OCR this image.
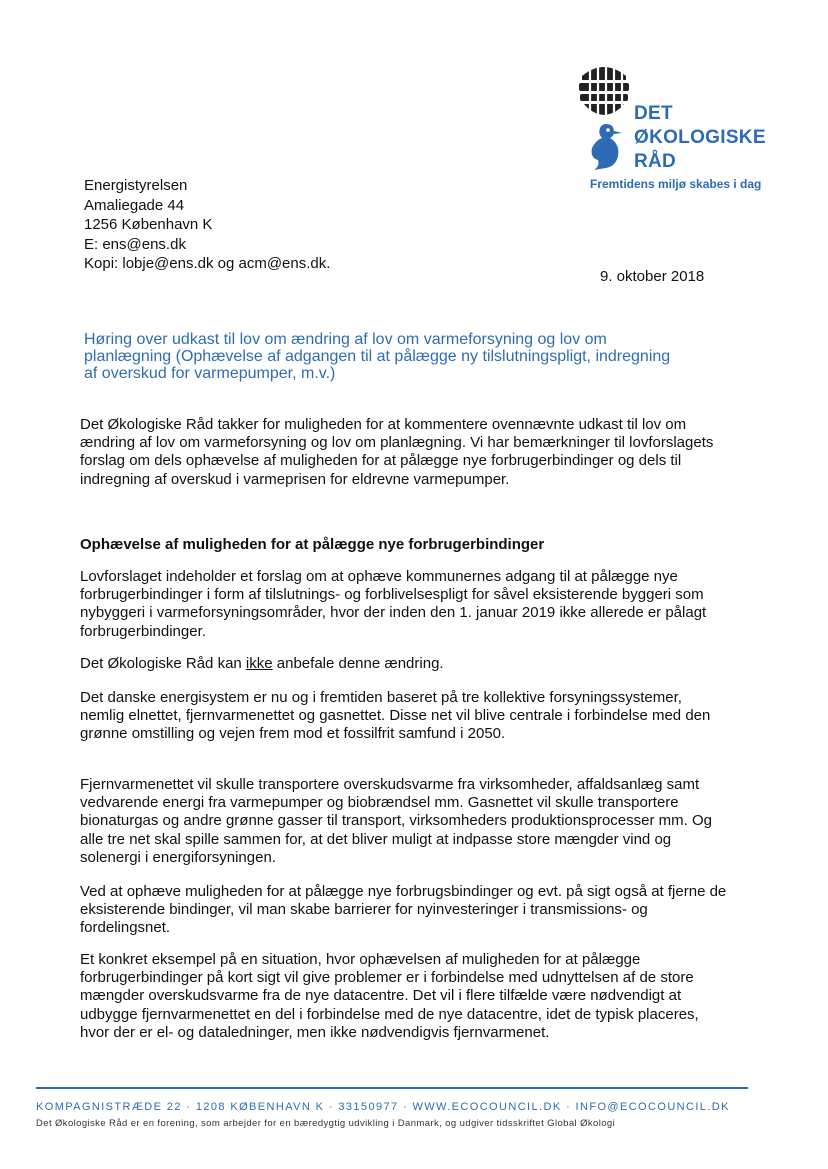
DET
ØKOLOGISKE
RÅD
Fremtidens miljø skabes i dag
Energistyrelsen
Amaliegade 44
1256 København K
E: ens@ens.dk
Kopi: lobje@ens.dk og acm@ens.dk.
9. oktober 2018
Høring over udkast til lov om ændring af lov om varmeforsyning og lov om planlægning (Ophævelse af adgangen til at pålægge ny tilslutningspligt, indregning af overskud for varmepumper, m.v.)

Det Økologiske Råd takker for muligheden for at kommentere ovennævnte udkast til lov om ændring af lov om varmeforsyning og lov om planlægning. Vi har bemærkninger til lovforslagets forslag om dels ophævelse af muligheden for at pålægge nye forbrugerbindinger og dels til indregning af overskud i varmeprisen for eldrevne varmepumper.

Ophævelse af muligheden for at pålægge nye forbrugerbindinger

Lovforslaget indeholder et forslag om at ophæve kommunernes adgang til at pålægge nye forbrugerbindinger i form af tilslutnings- og forblivelsespligt for såvel eksisterende byggeri som nybyggeri i varmeforsyningsområder, hvor der inden den 1. januar 2019 ikke allerede er pålagt forbrugerbindinger.

Det Økologiske Råd kan ikke anbefale denne ændring.

Det danske energisystem er nu og i fremtiden baseret på tre kollektive forsyningssystemer, nemlig elnettet, fjernvarmenettet og gasnettet. Disse net vil blive centrale i forbindelse med den grønne omstilling og vejen frem mod et fossilfrit samfund i 2050.

Fjernvarmenettet vil skulle transportere overskudsvarme fra virksomheder, affaldsanlæg samt vedvarende energi fra varmepumper og biobrændsel mm. Gasnettet vil skulle transportere bionaturgas og andre grønne gasser til transport, virksomheders produktionsprocesser mm. Og alle tre net skal spille sammen for, at det bliver muligt at indpasse store mængder vind og solenergi i energiforsyningen.

Ved at ophæve muligheden for at pålægge nye forbrugsbindinger og evt. på sigt også at fjerne de eksisterende bindinger, vil man skabe barrierer for nyinvesteringer i transmissions- og fordelingsnet.

Et konkret eksempel på en situation, hvor ophævelsen af muligheden for at pålægge forbrugerbindinger på kort sigt vil give problemer er i forbindelse med udnyttelsen af de store mængder overskudsvarme fra de nye datacentre. Det vil i flere tilfælde være nødvendigt at udbygge fjernvarmenettet en del i forbindelse med de nye datacentre, idet de typisk placeres, hvor der er el- og dataledninger, men ikke nødvendigvis fjernvarmenet.

KOMPAGNISTRÆDE 22 · 1208 KØBENHAVN K · 33150977 · WWW.ECOCOUNCIL.DK · INFO@ECOCOUNCIL.DK
Det Økologiske Råd er en forening, som arbejder for en bæredygtig udvikling i Danmark, og udgiver tidsskriftet Global Økologi
